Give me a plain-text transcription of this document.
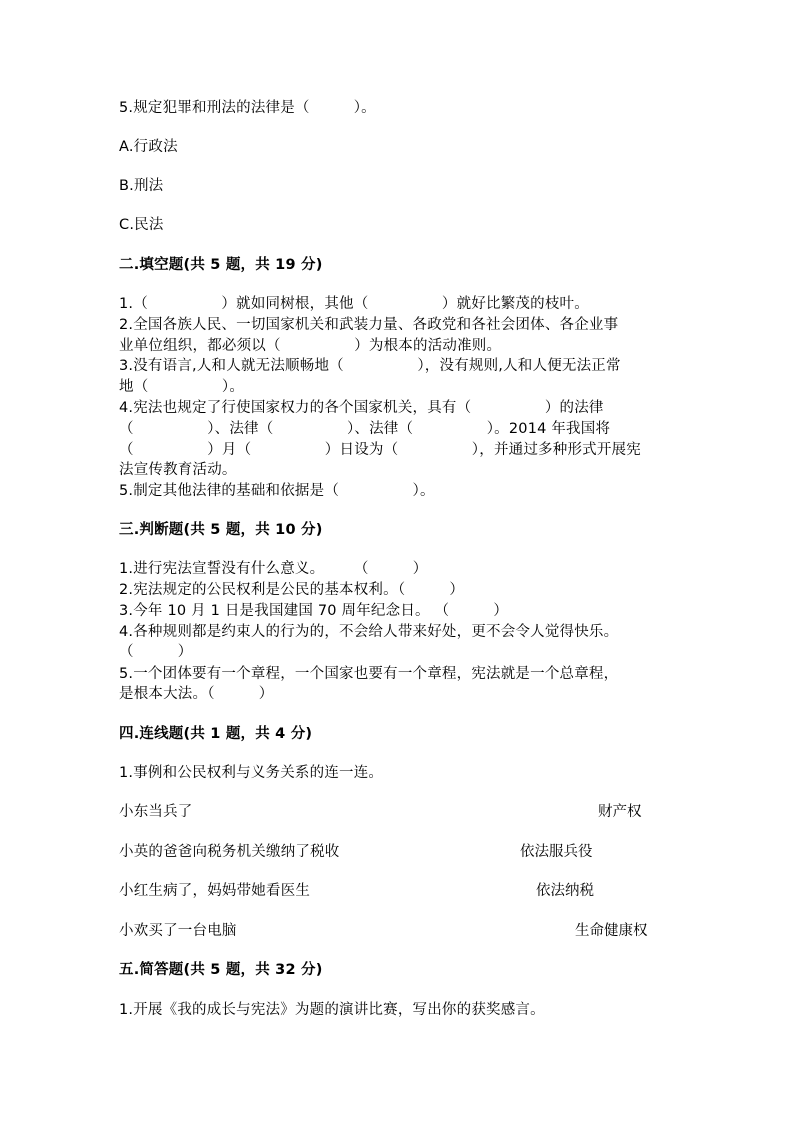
5.规定犯罪和刑法的法律是（　　　）。
A.行政法
B.刑法
C.民法
二.填空题(共 5 题，共 19 分)
1.（　　　　　）就如同树根，其他（　　　　　）就好比繁茂的枝叶。
2.全国各族人民、一切国家机关和武装力量、各政党和各社会团体、各企业事
业单位组织，都必须以（　　　　　）为根本的活动准则。
3.没有语言,人和人就无法顺畅地（　　　　　），没有规则,人和人便无法正常
地（　　　　　）。
4.宪法也规定了行使国家权力的各个国家机关，具有（　　　　　）的法律
（　　　　　）、法律（　　　　　）、法律（　　　　　）。2014 年我国将
（　　　　　）月（　　　　　）日设为（　　　　　），并通过多种形式开展宪
法宣传教育活动。
5.制定其他法律的基础和依据是（　　　　　）。
三.判断题(共 5 题，共 10 分)
1.进行宪法宣誓没有什么意义。　　　（　　　）
2.宪法规定的公民权利是公民的基本权利。（　　　）
3.今年 10 月 1 日是我国建国 70 周年纪念日。 （　　　）
4.各种规则都是约束人的行为的，不会给人带来好处，更不会令人觉得快乐。
（　　　）
5.一个团体要有一个章程，一个国家也要有一个章程，宪法就是一个总章程，
是根本大法。（　　　）
四.连线题(共 1 题，共 4 分)
1.事例和公民权利与义务关系的连一连。
小东当兵了	财产权
小英的爸爸向税务机关缴纳了税收	依法服兵役
小红生病了，妈妈带她看医生	依法纳税
小欢买了一台电脑	生命健康权
五.简答题(共 5 题，共 32 分)
1.开展《我的成长与宪法》为题的演讲比赛，写出你的获奖感言。
